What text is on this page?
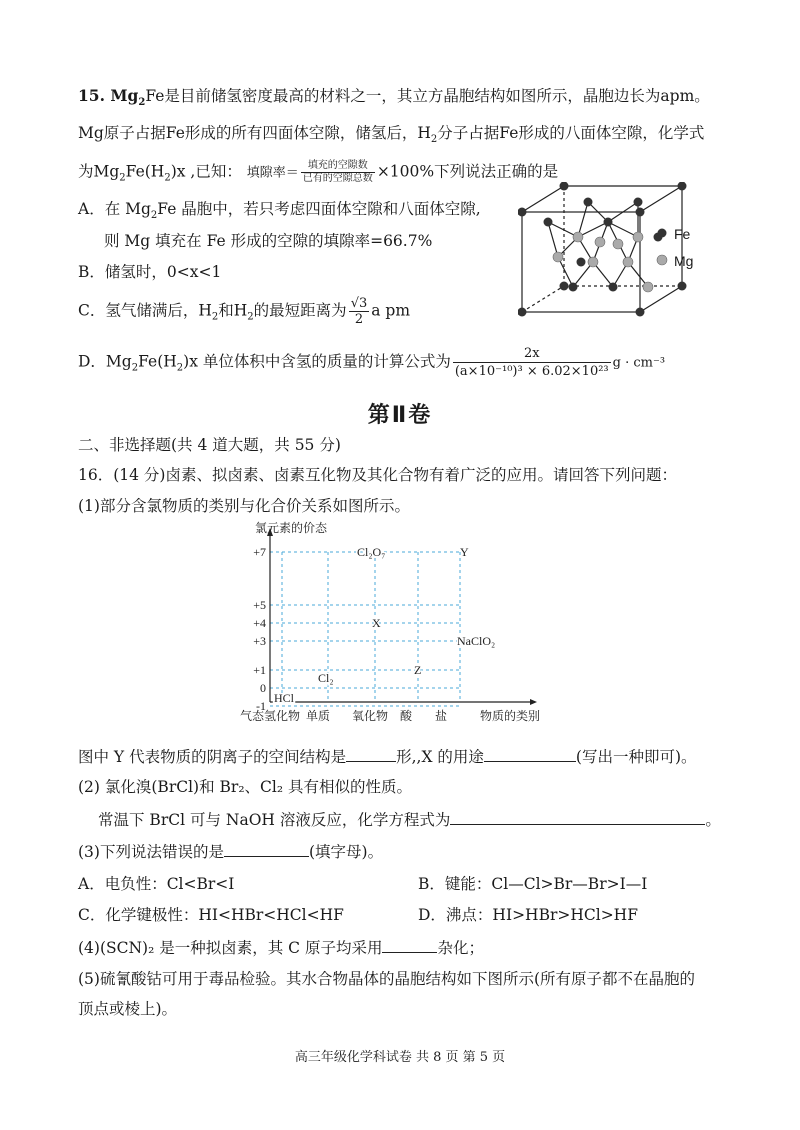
15. $Mg_2Fe$是目前储氢密度最高的材料之一，其立方晶胞结构如图所示，晶胞边长为apm。
Mg原子占据Fe形成的所有四面体空隙，储氢后，$H_2$分子占据Fe形成的八面体空隙，化学式
为$Mg_2Fe(H_2)x$ ,已知： 填隙率＝ $\frac{\text{填充的空隙数}}{\text{已有的空隙总数}} \times 100\%$下列说法正确的是
A．在 $Mg_2Fe$ 晶胞中，若只考虑四面体空隙和八面体空隙,
则 Mg 填充在 Fe 形成的空隙的填隙率=66.7%
B．储氢时，0<x<1
C．氢气储满后，$H_2$和$H_2$的最短距离为 $\frac{√3}{2}$ a pm
D．$Mg_2Fe(H_2)x$ 单位体积中含氢的质量的计算公式为 $\frac{2x}{\text{(a×10⁻¹⁰)³ × 6.02×10²³}}$ g · cm⁻³
Fe
Mg
第Ⅱ卷
二、非选择题(共 4 道大题，共 55 分)
16．(14 分)卤素、拟卤素、卤素互化物及其化合物有着广泛的应用。请回答下列问题：
(1)部分含氯物质的类别与化合价关系如图所示。
+7
+5
+4
+3
+1
0
-1
氯元素的价态
气态氢化物 单质 氧化物 酸 盐	物质的类别
HCl
Cl₂
Cl₂O₇
X
Y
NaClO₂
Z
图中 Y 代表物质的阴离子的空间结构是	形,,X 的用途	(写出一种即可)。
(2) 氯化溴(BrCl)和 Br₂、Cl₂ 具有相似的性质。
常温下 BrCl 可与 NaOH 溶液反应，化学方程式为	。
(3)下列说法错误的是	(填字母)。
A．电负性：Cl<Br<I	B．键能：Cl—Cl>Br—Br>I—I
C．化学键极性：HI<HBr<HCl<HF	D．沸点：HI>HBr>HCl>HF
(4)(SCN)₂ 是一种拟卤素，其 C 原子均采用	杂化；
(5)硫氰酸钴可用于毒品检验。其水合物晶体的晶胞结构如下图所示(所有原子都不在晶胞的
顶点或棱上)。
高三年级化学科试卷 共 8 页 第 5 页
